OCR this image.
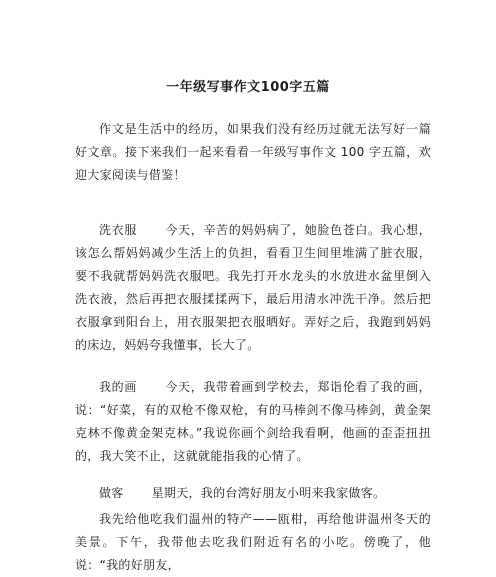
一年级写事作文100字五篇

作文是生活中的经历，如果我们没有经历过就无法写好一篇好文章。接下来我们一起来看看一年级写事作文 100 字五篇，欢迎大家阅读与借鉴！

洗衣服 今天，辛苦的妈妈病了，她脸色苍白。我心想，该怎么帮妈妈减少生活上的负担，看看卫生间里堆满了脏衣服，要不我就帮妈妈洗衣服吧。我先打开水龙头的水放进水盆里倒入洗衣液，然后再把衣服揉揉两下，最后用清水冲洗干净。然后把衣服拿到阳台上，用衣服架把衣服晒好。弄好之后，我跑到妈妈的床边，妈妈夸我懂事，长大了。

我的画 今天，我带着画到学校去，郑诣伦看了我的画，说：“好菜，有的双枪不像双枪，有的马棒剑不像马棒剑，黄金架克林不像黄金架克林。”我说你画个剑给我看啊，他画的歪歪扭扭的，我大笑不止，这就就能指我的心情了。

做客 星期天，我的台湾好朋友小明来我家做客。

我先给他吃我们温州的特产——瓯柑，再给他讲温州冬天的美景。下午，我带他去吃我们附近有名的小吃。傍晚了，他说：“我的好朋友，
